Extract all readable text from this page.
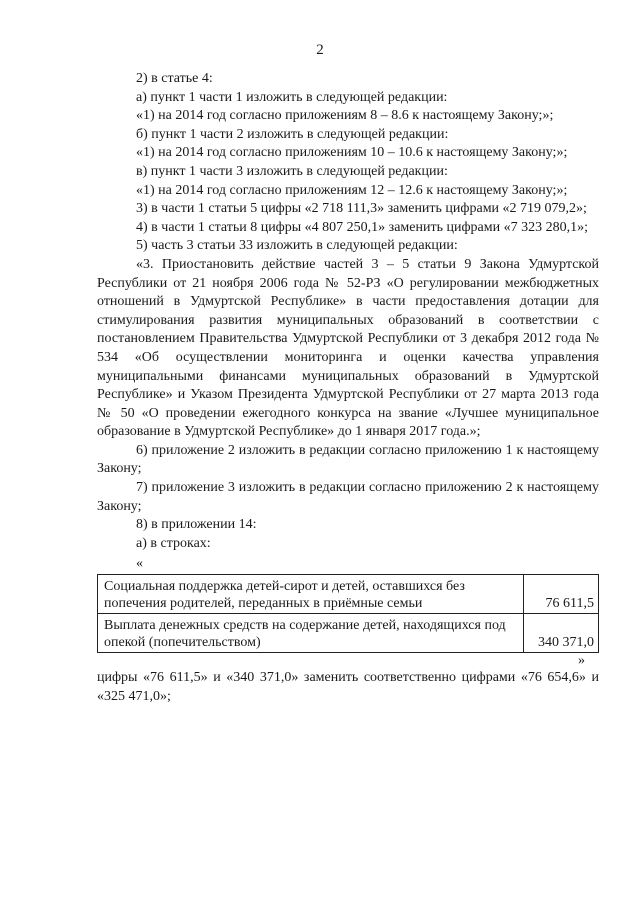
2

2) в статье 4:

а) пункт 1 части 1 изложить в следующей редакции:

«1) на 2014 год согласно приложениям 8 – 8.6 к настоящему Закону;»;

б) пункт 1 части 2 изложить в следующей редакции:

«1) на 2014 год согласно приложениям 10 – 10.6 к настоящему Закону;»;

в) пункт 1 части 3 изложить в следующей редакции:

«1) на 2014 год согласно приложениям 12 – 12.6 к настоящему Закону;»;

3) в части 1 статьи 5 цифры «2 718 111,3» заменить цифрами «2 719 079,2»;

4) в части 1 статьи 8 цифры «4 807 250,1» заменить цифрами «7 323 280,1»;

5) часть 3 статьи 33 изложить в следующей редакции:

«3. Приостановить действие частей 3 – 5 статьи 9 Закона Удмуртской Республики от 21 ноября 2006 года № 52-РЗ «О регулировании межбюджетных отношений в Удмуртской Республике» в части предоставления дотации для стимулирования развития муниципальных образований в соответствии с постановлением Правительства Удмуртской Республики от 3 декабря 2012 года № 534 «Об осуществлении мониторинга и оценки качества управления муниципальными финансами муниципальных образований в Удмуртской Республике» и Указом Президента Удмуртской Республики от 27 марта 2013 года № 50 «О проведении ежегодного конкурса на звание «Лучшее муниципальное образование в Удмуртской Республике» до 1 января 2017 года.»;

6) приложение 2 изложить в редакции согласно приложению 1 к настоящему Закону;

7) приложение 3 изложить в редакции согласно приложению 2 к настоящему Закону;

8) в приложении 14:

а) в строках:

«

Социальная поддержка детей-сирот и детей, оставшихся без попечения родителей, переданных в приёмные семьи	76 611,5
Выплата денежных средств на содержание детей, находящихся под опекой (попечительством)	340 371,0

»

цифры «76 611,5» и «340 371,0» заменить соответственно цифрами «76 654,6» и «325 471,0»;
